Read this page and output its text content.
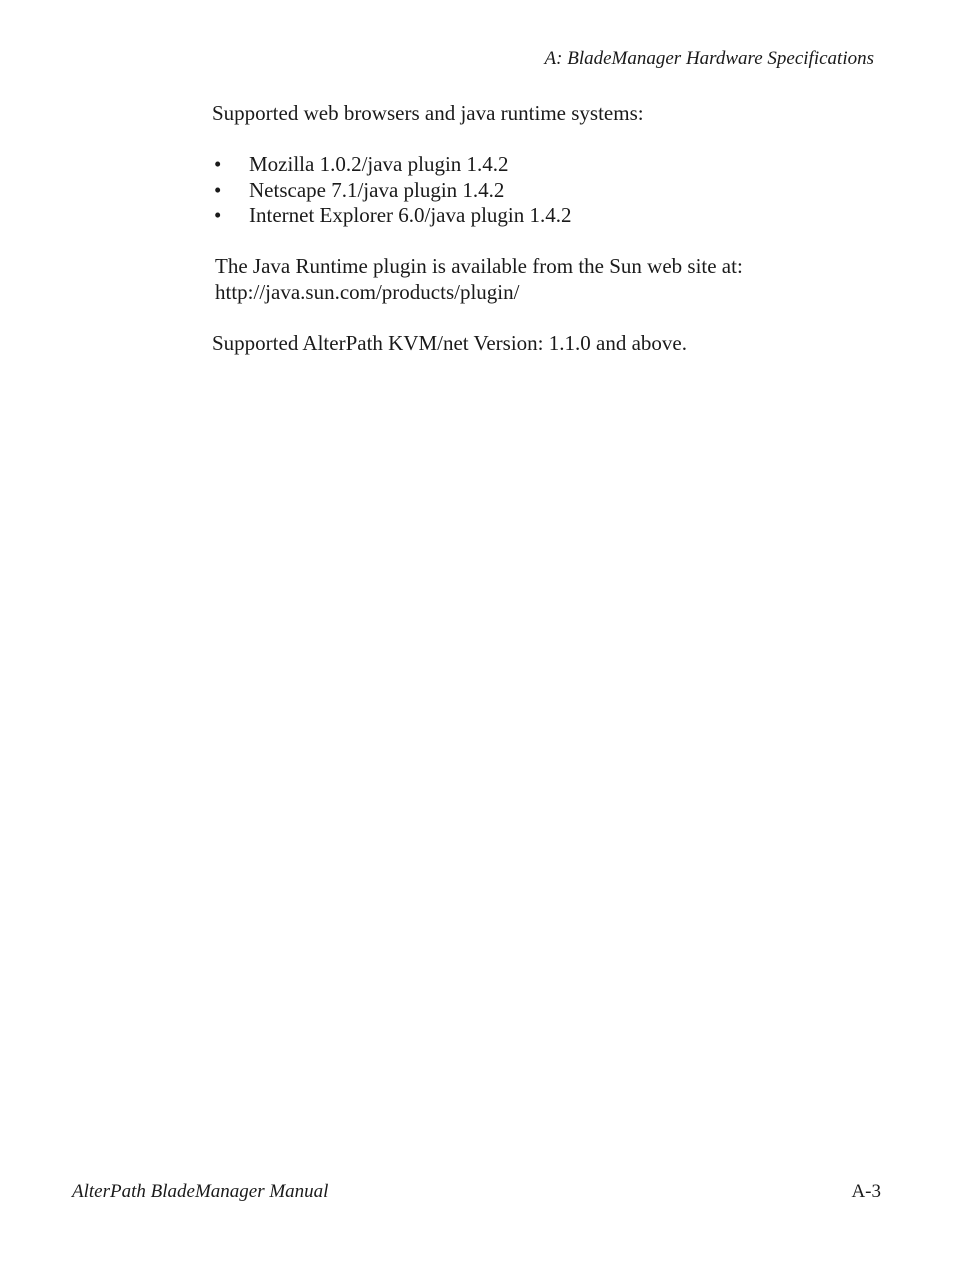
A: BladeManager Hardware Specifications
Supported web browsers and java runtime systems:
• Mozilla 1.0.2/java plugin 1.4.2
• Netscape 7.1/java plugin 1.4.2
• Internet Explorer 6.0/java plugin 1.4.2
The Java Runtime plugin is available from the Sun web site at:
http://java.sun.com/products/plugin/
Supported AlterPath KVM/net Version: 1.1.0 and above.
AlterPath BladeManager Manual	A-3
